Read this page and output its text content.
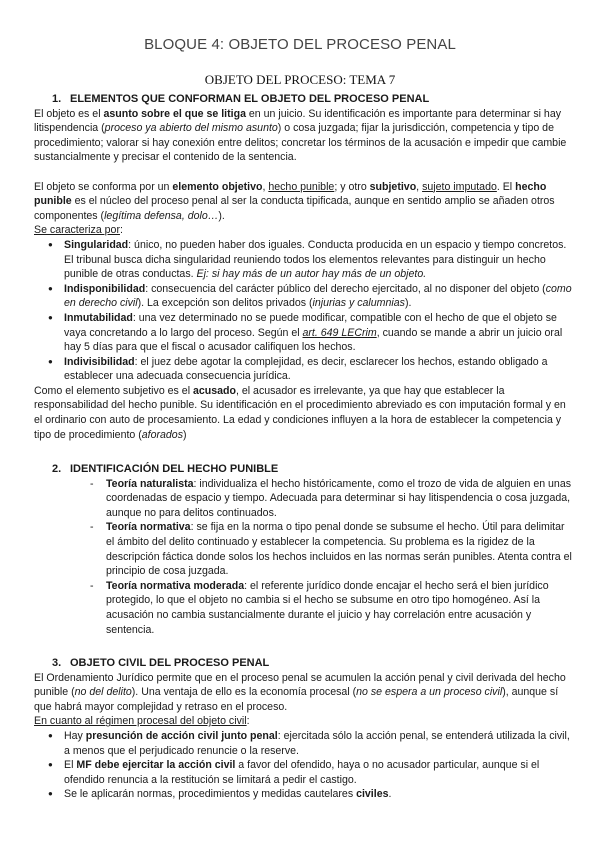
BLOQUE 4: OBJETO DEL PROCESO PENAL
OBJETO DEL PROCESO: TEMA 7
1. ELEMENTOS QUE CONFORMAN EL OBJETO DEL PROCESO PENAL

El objeto es el asunto sobre el que se litiga en un juicio. Su identificación es importante para determinar si hay litispendencia (proceso ya abierto del mismo asunto) o cosa juzgada; fijar la jurisdicción, competencia y tipo de procedimiento; valorar si hay conexión entre delitos; concretar los términos de la acusación e impedir que cambie sustancialmente y precisar el contenido de la sentencia.

El objeto se conforma por un elemento objetivo, hecho punible; y otro subjetivo, sujeto imputado. El hecho punible es el núcleo del proceso penal al ser la conducta tipificada, aunque en sentido amplio se añaden otros componentes (legítima defensa, dolo…).

Se caracteriza por:

● Singularidad: único, no pueden haber dos iguales. Conducta producida en un espacio y tiempo concretos. El tribunal busca dicha singularidad reuniendo todos los elementos relevantes para distinguir un hecho punible de otras conductas. Ej: si hay más de un autor hay más de un objeto.
● Indisponibilidad: consecuencia del carácter público del derecho ejercitado, al no disponer del objeto (como en derecho civil). La excepción son delitos privados (injurias y calumnias).
● Inmutabilidad: una vez determinado no se puede modificar, compatible con el hecho de que el objeto se vaya concretando a lo largo del proceso. Según el art. 649 LECrim, cuando se mande a abrir un juicio oral hay 5 días para que el fiscal o acusador califiquen los hechos.
● Indivisibilidad: el juez debe agotar la complejidad, es decir, esclarecer los hechos, estando obligado a establecer una adecuada consecuencia jurídica.

Como el elemento subjetivo es el acusado, el acusador es irrelevante, ya que hay que establecer la responsabilidad del hecho punible. Su identificación en el procedimiento abreviado es con imputación formal y en el ordinario con auto de procesamiento. La edad y condiciones influyen a la hora de establecer la competencia y tipo de procedimiento (aforados)

2. IDENTIFICACIÓN DEL HECHO PUNIBLE
- Teoría naturalista: individualiza el hecho históricamente, como el trozo de vida de alguien en unas coordenadas de espacio y tiempo. Adecuada para determinar si hay litispendencia o cosa juzgada, aunque no para delitos continuados.
- Teoría normativa: se fija en la norma o tipo penal donde se subsume el hecho. Útil para delimitar el ámbito del delito continuado y establecer la competencia. Su problema es la rigidez de la descripción fáctica donde solos los hechos incluidos en las normas serán punibles. Atenta contra el principio de cosa juzgada.
- Teoría normativa moderada: el referente jurídico donde encajar el hecho será el bien jurídico protegido, lo que el objeto no cambia si el hecho se subsume en otro tipo homogéneo. Así la acusación no cambia sustancialmente durante el juicio y hay correlación entre acusación y sentencia.
3. OBJETO CIVIL DEL PROCESO PENAL

El Ordenamiento Jurídico permite que en el proceso penal se acumulen la acción penal y civil derivada del hecho punible (no del delito). Una ventaja de ello es la economía procesal (no se espera a un proceso civil), aunque sí que habrá mayor complejidad y retraso en el proceso.

En cuanto al régimen procesal del objeto civil:

● Hay presunción de acción civil junto penal: ejercitada sólo la acción penal, se entenderá utilizada la civil, a menos que el perjudicado renuncie o la reserve.
● El MF debe ejercitar la acción civil a favor del ofendido, haya o no acusador particular, aunque si el ofendido renuncia a la restitución se limitará a pedir el castigo.
● Se le aplicarán normas, procedimientos y medidas cautelares civiles.
